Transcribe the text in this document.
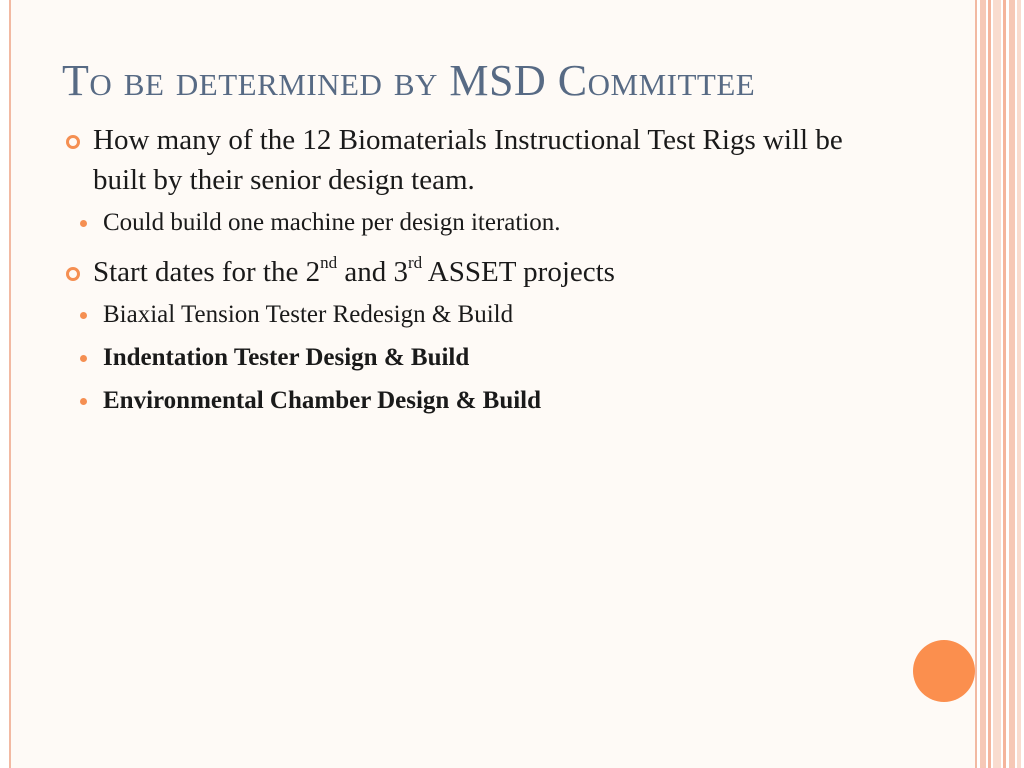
To be determined by MSD Committee
How many of the 12 Biomaterials Instructional Test Rigs will be built by their senior design team.
Could build one machine per design iteration.
Start dates for the 2nd and 3rd ASSET projects
Biaxial Tension Tester Redesign & Build
Indentation Tester Design & Build
Environmental Chamber Design & Build
